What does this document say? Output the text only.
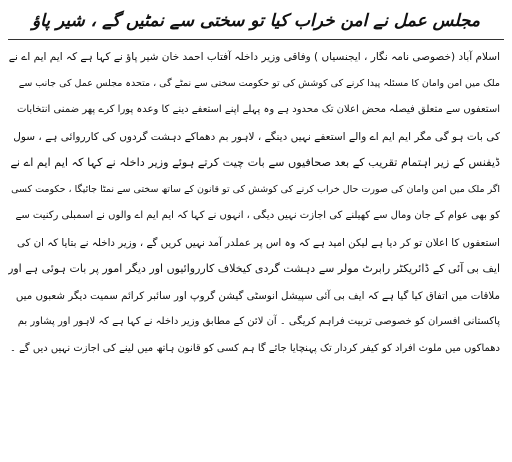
مجلس عمل نے امن خراب کیا تو سختی سے نمٹیں گے ، شیر پاؤ
اسلام آباد (خصوصی نامہ نگار ، ایجنسیاں ) وفاقی وزیر داخلہ آفتاب احمد خان شیر پاؤ نے کہا ہے کہ ایم ایم اے نے
ملک میں امن وامان کا مسئلہ پیدا کرنے کی کوشش کی تو حکومت سختی سے نمٹے گی ، متحدہ مجلس عمل کی جانب سے
استعفوں سے متعلق فیصلہ محض اعلان تک محدود ہے وہ پہلے اپنے استعفے دینے کا وعدہ پورا کرے پھر ضمنی انتخابات
کی بات ہو گی مگر ایم ایم اے والے استعفے نہیں دینگے ، لاہور بم دھماکے دہشت گردوں کی کارروائی ہے ، سول
ڈیفنس کے زیر اہتمام تقریب کے بعد صحافیوں سے بات چیت کرتے ہوئے وزیر داخلہ نے کہا کہ ایم ایم اے نے
اگر ملک میں امن وامان کی صورت حال خراب کرنے کی کوشش کی تو قانون کے ساتھ سختی سے نمٹا جائیگا ، حکومت کسی
کو بھی عوام کے جان ومال سے کھیلنے کی اجازت نہیں دیگی ، انہوں نے کہا کہ ایم ایم اے والوں نے اسمبلی رکنیت سے
استعفوں کا اعلان تو کر دیا ہے لیکن امید ہے کہ وہ اس پر عملدر آمد نہیں کریں گے ، وزیر داخلہ نے بتایا کہ ان کی
ایف بی آئی کے ڈائریکٹر رابرٹ مولر سے دہشت گردی کیخلاف کارروائیوں اور دیگر امور پر بات ہوئی ہے اور
ملاقات میں اتفاق کیا گیا ہے کہ ایف بی آئی سپیشل انوسٹی گیشن گروپ اور سائبر کرائم سمیت دیگر شعبوں میں
پاکستانی افسران کو خصوصی تربیت فراہم کریگی ۔ آن لائن کے مطابق وزیر داخلہ نے کہا ہے کہ لاہور اور پشاور بم
دھماکوں میں ملوث افراد کو کیفر کردار تک پہنچایا جائے گا ہم کسی کو قانون ہاتھ میں لینے کی اجازت نہیں دیں گے ۔
